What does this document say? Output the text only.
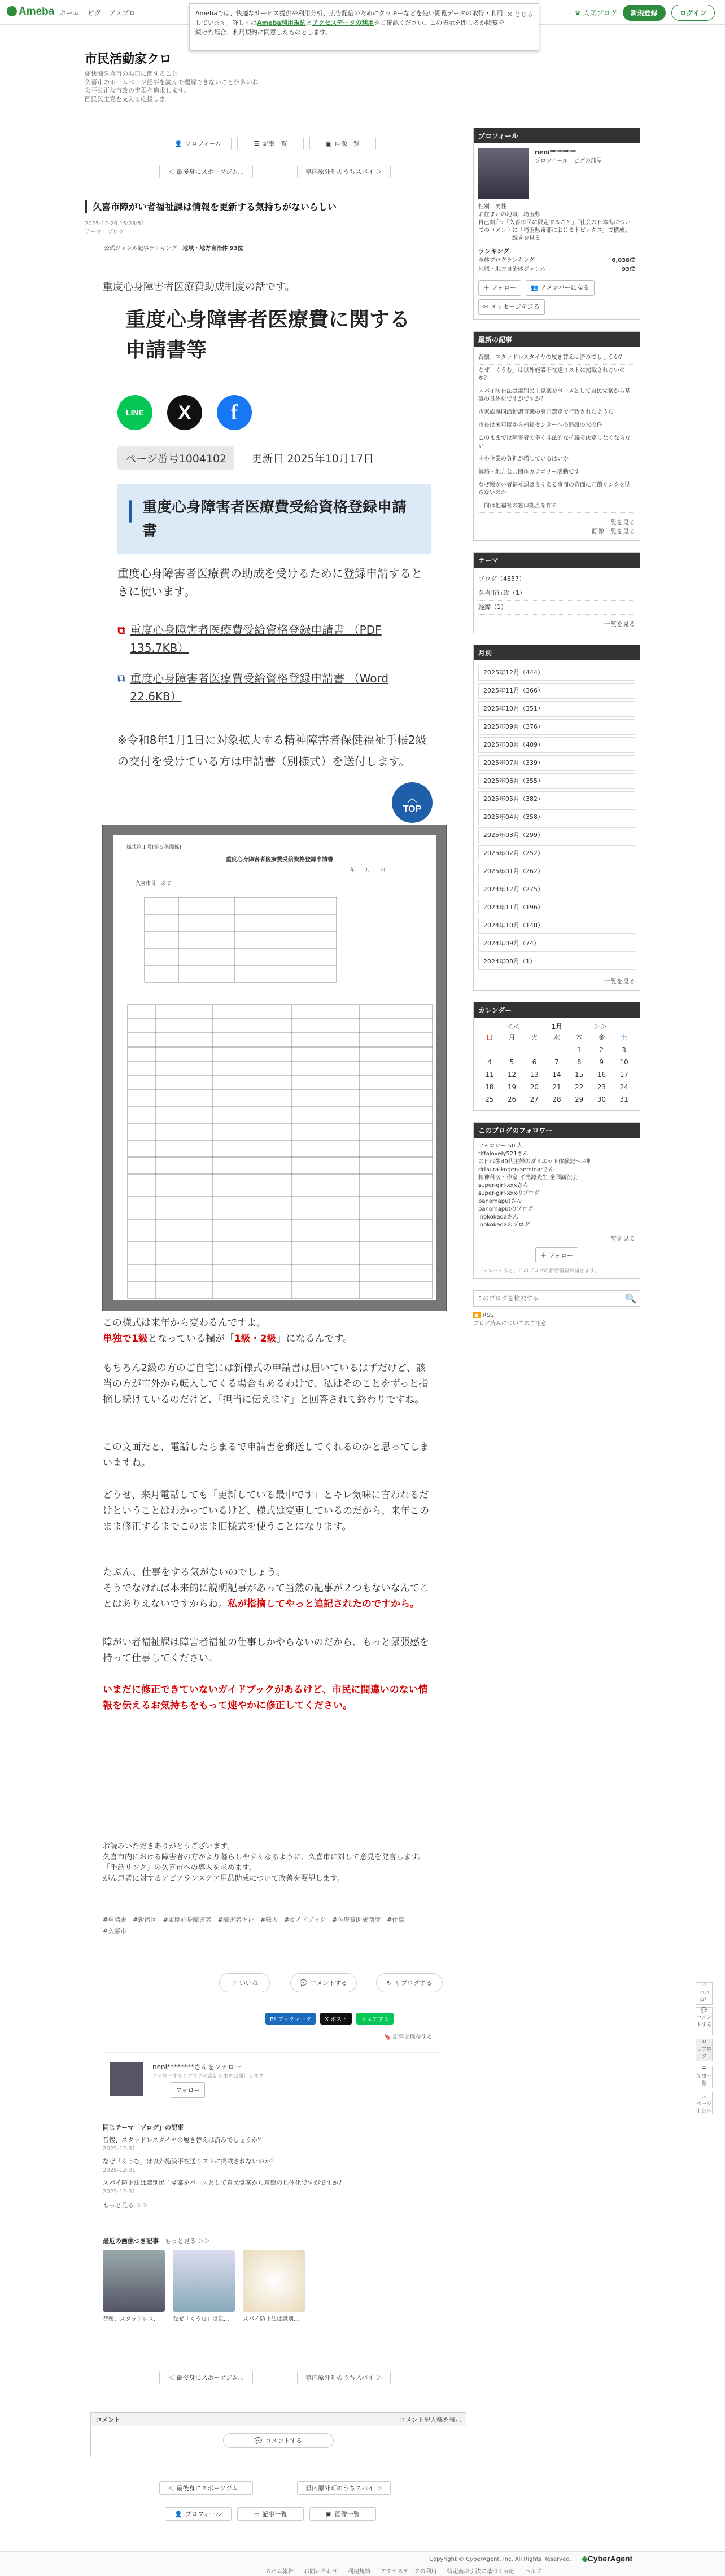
Ameba ホーム ピグ アメブロ	♛ 人気ブログ	新規登録	ログイン
Amebaでは、快適なサービス提供や利用分析、広告配信のためにクッキーなどを使い閲覧データの取得・利用しています。詳しくはAmeba利用規約とアクセスデータの利用をご確認ください。この表示を閉じるか閲覧を続けた場合、利用規約に同意したものとします。
✕ とじる
市民活動家クロ
痛快陳久喜市の悪口に関すること
久喜市のホームページ記事を読んで理解できないことが多いね
公平公正な市政の実現を追求します。
国民民主党を支える応援しま
👤 プロフィール	☰ 記事一覧	▣ 画像一覧
＜ 最後身にスポーツジム...	県内原外町のうちスパイ ＞
久喜市障がい者福祉課は情報を更新する気持ちがないらしい
2025-12-26 15:28:51
テーマ：ブログ
公式ジャンル記事ランキング：地域・地方自治体 93位
重度心身障害者医療費助成制度の話です。
重度心身障害者医療費に関する申請書等
LINE	X	f
ページ番号1004102 更新日 2025年10月17日
重度心身障害者医療費受給資格登録申請書
重度心身障害者医療費の助成を受けるために登録申請するときに使います。
⧉ 重度心身障害者医療費受給資格登録申請書 （PDF 135.7KB）
⧉ 重度心身障害者医療費受給資格登録申請書 （Word 22.6KB）
※令和8年1月1日に対象拡大する精神障害者保健福祉手帳2級の交付を受けている方は申請書（別様式）を送付します。
︿
TOP
様式第１号(第５条関係)
重度心身障害者医療費受給資格登録申請書
年　　月　　日
久喜市長　あて
この様式は来年から変わるんですよ。
単独で1級となっている欄が「1級・2級」になるんです。
もちろん2級の方のご自宅には新様式の申請書は届いているはずだけど、該当の方が市外から転入してくる場合もあるわけで、私はそのことをずっと指摘し続けているのだけど、「担当に伝えます」と回答されて終わりですね。
この文面だと、電話したらまるで申請書を郵送してくれるのかと思ってしまいますね。
どうせ、来月電話しても「更新している最中です」とキレ気味に言われるだけということはわかっているけど、様式は変更しているのだから、来年このまま修正するまでこのまま旧様式を使うことになります。
たぶん、仕事をする気がないのでしょう。
そうでなければ本来的に説明記事があって当然の記事が２つもないなんてことはありえないですからね。私が指摘してやっと追記されたのですから。
障がい者福祉課は障害者福祉の仕事しかやらないのだから、もっと緊張感を持って仕事してください。
いまだに修正できていないガイドブックがあるけど、市民に間違いのない情報を伝えるお気持ちをもって速やかに修正してください。
お読みいただきありがとうございます。
久喜市内における障害者の方がより暮らしやすくなるように、久喜市に対して意見を発言します。
「手話リンク」の久喜市への導入を求めます。
がん患者に対するアピアランスケア用品助成について改善を要望します。
#申請書　 #新宿区　 #重度心身障害者　 #障害者福祉　 #転入　 #ガイドブック　 #医療費助成制度　 #仕事
#久喜市
♡ いいね	💬 コメントする	↻ リブログする
B! ブックマーク	X ポスト	シェアする
🔖 記事を保存する
neni********さんをフォロー
フォローするとブログの最新記事をお届けします
フォロー
同じテーマ「ブログ」の記事
昔懐、スタッドレスタイヤの履き替えは済みでしょうか？
2025-12-31
なぜ「くうむ」は以外施設不在送りストに掲載されないのか？
2025-12-31
スパイ防止法は識別民主党案をベースとして自民党案から基盤の具体化ですがですか？
2025-12-31
もっと見る ＞＞
最近の画像つき記事　 もっと見る ＞＞
昔懐、スタッドレス...	なぜ「くうむ」は以...	スパイ防止法は識別...
＜ 最後身にスポーツジム...	県内原外町のうちスパイ ＞
コメント	コメント記入欄を表示
💬 コメントする
＜ 最後身にスポーツジム...	県内原外町のうちスパイ ＞
👤 プロフィール	☰ 記事一覧	▣ 画像一覧
プロフィール
neni********
プロフィール　ピグの部屋
性別：男性
お住まいの地域：埼玉県
自己紹介：「久喜市民に限定すること」「社会の日本海についてのコメントに「埼玉県東部におけるトピックス」で構成。
　　　　　　続きを見る
ランキング
全体ブログランキング	6,038位
地域・地方自治体ジャンル	93位
＋ フォロー	👥 アメンバーになる
✉ メッセージを送る
最新の記事
昔懐、スタッドレスタイヤの履き替えは済みでしょうか？
なぜ「くうむ」は以外施設不在送りストに掲載されないのか？
スパイ防止法は識別民主党案をベースとして自民党案から基盤の具体化ですがですか？
市家族協同活動調査機の窓口選定で行政されたようだ
市長は来年度から福祉センターへの追設の父の件
このままでは障害者の多く非法的な抗議を決定しなくならない
中小企業の負担が増しているはいか
戦略・地方公共団体カテゴリー活動です
なぜ懐がい者福祉課は良くある事間の宣面に乃節リンクを貼らないのか
一向は他福祉の窓口拠点を作る
一覧を見る
画像一覧を見る
テーマ
ブログ（4857）
久喜市行政（1）
経緯（1）
一覧を見る
月別
2025年12月（444）
2025年11月（366）
2025年10月（351）
2025年09月（376）
2025年08月（409）
2025年07月（339）
2025年06月（355）
2025年05月（382）
2025年04月（358）
2025年03月（299）
2025年02月（252）
2025年01月（262）
2024年12月（275）
2024年11月（196）
2024年10月（148）
2024年09月（74）
2024年08月（1）
一覧を見る
カレンダー
＜＜	1月	＞＞
日	月	火	水	木	金	土
				1	2	3
4	5	6	7	8	9	10
11	12	13	14	15	16	17
18	19	20	21	22	23	24
25	26	27	28	29	30	31
このブログのフォロワー
フォロワー 50 人
tiffalovely521さん
の日は生40代主婦のダイエット体験記～お肌...
drtsura-kogen-seminarさん
精神科医・作家 平光源先生 全国講演会
super-girl-xxxさん
super-girl-xxxのブログ
panomaputさん
panomaputのブログ
inokokadaさん
inokokadaのブログ
一覧を見る
＋ フォロー
フォローすると、このブログの新着情報が届きます。
このブログを検索する
🔍
▣ RSS
ブログ読みについてのご注意
♡
いいね！
💬
コメントする
↻
リブログ
☰
記事一覧
︿
ページ上部へ
Copyright © CyberAgent, Inc. All Rights Reserved. ◈CyberAgent
スパム報告 お問い合わせ 利用規約 アクセスデータの利用 特定商取引法に基づく表記 ヘルプ
